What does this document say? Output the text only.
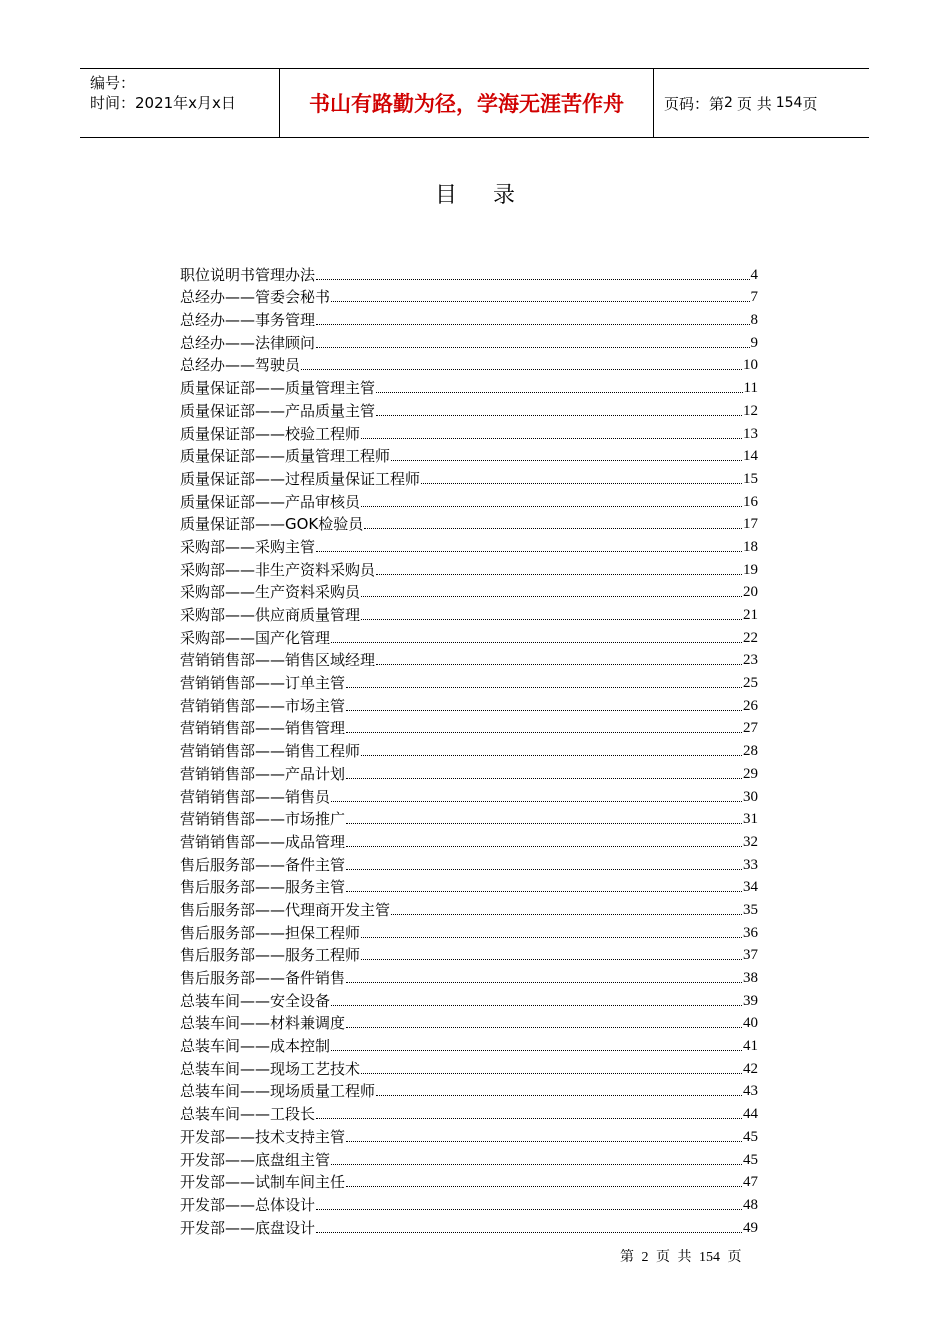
编号：
时间：2021年x月x日	书山有路勤为径，学海无涯苦作舟	页码：第 2 页 共 154 页
目录
职位说明书管理办法	4
总经办——管委会秘书	7
总经办——事务管理	8
总经办——法律顾问	9
总经办——驾驶员	10
质量保证部——质量管理主管	11
质量保证部——产品质量主管	12
质量保证部——校验工程师	13
质量保证部——质量管理工程师	14
质量保证部——过程质量保证工程师	15
质量保证部——产品审核员	16
质量保证部——GOK检验员	17
采购部——采购主管	18
采购部——非生产资料采购员	19
采购部——生产资料采购员	20
采购部——供应商质量管理	21
采购部——国产化管理	22
营销销售部——销售区域经理	23
营销销售部——订单主管	25
营销销售部——市场主管	26
营销销售部——销售管理	27
营销销售部——销售工程师	28
营销销售部——产品计划	29
营销销售部——销售员	30
营销销售部——市场推广	31
营销销售部——成品管理	32
售后服务部——备件主管	33
售后服务部——服务主管	34
售后服务部——代理商开发主管	35
售后服务部——担保工程师	36
售后服务部——服务工程师	37
售后服务部——备件销售	38
总装车间——安全设备	39
总装车间——材料兼调度	40
总装车间——成本控制	41
总装车间——现场工艺技术	42
总装车间——现场质量工程师	43
总装车间——工段长	44
开发部——技术支持主管	45
开发部——底盘组主管	45
开发部——试制车间主任	47
开发部——总体设计	48
开发部——底盘设计	49
第 2 页 共 154 页
